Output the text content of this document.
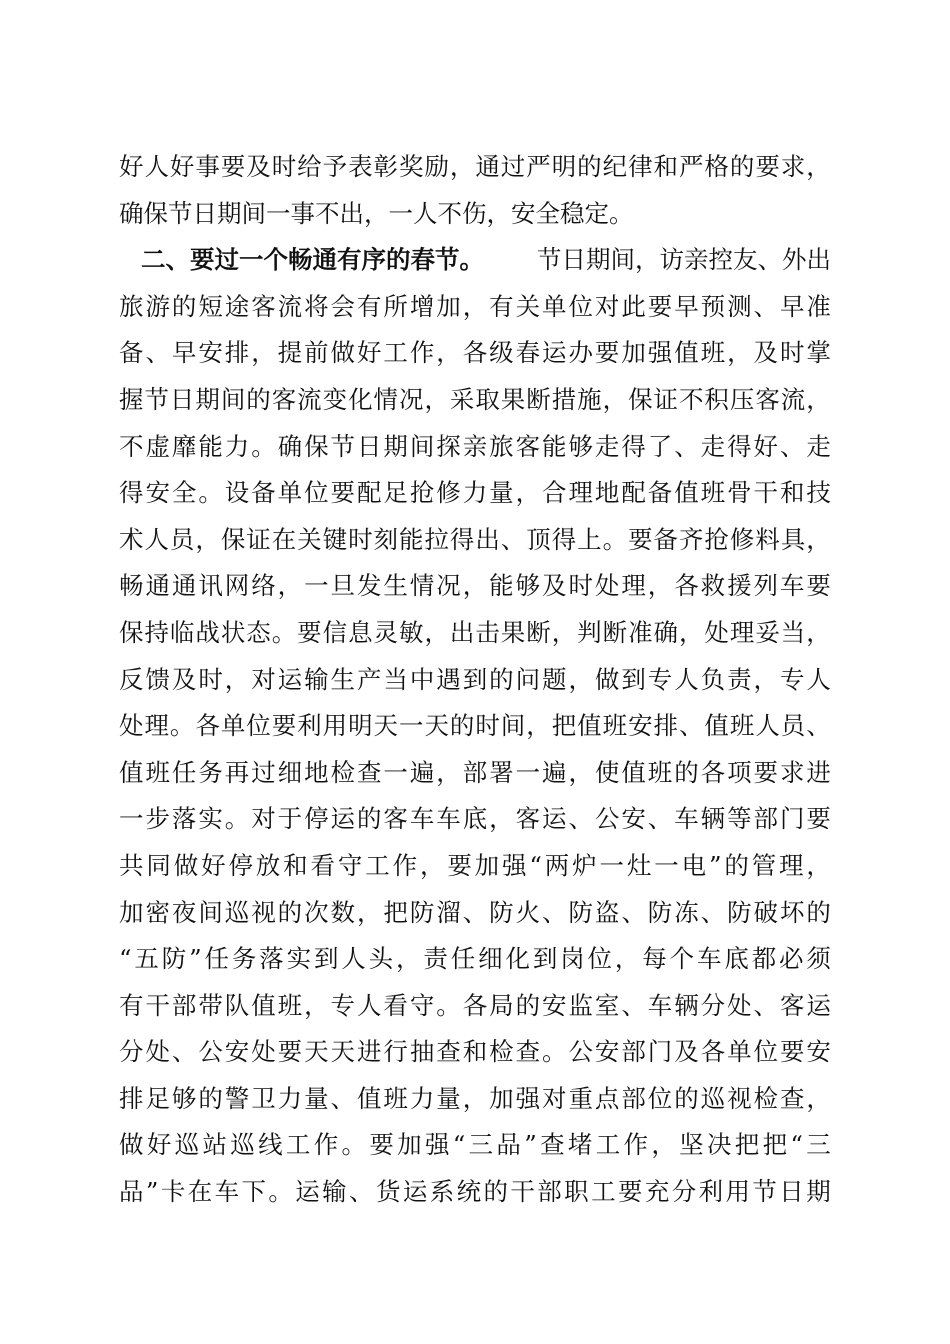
好 人 好 事 要 及 时 给 予 表 彰 奖 励 ， 通 过 严 明 的 纪 律 和 严 格 的 要 求 ，
确 保 节 日 期 间 一 事 不 出 ， 一 人 不 伤 ， 安 全 稳 定 。
二、要过一个畅通有序的春节。 节日期间，访亲控友、外出
旅 游 的 短 途 客 流 将 会 有 所 增 加 ， 有 关 单 位 对 此 要 早 预 测 、 早 准
备 、 早 安 排 ， 提 前 做 好 工 作 ， 各 级 春 运 办 要 加 强 值 班 ， 及 时 掌
握 节 日 期 间 的 客 流 变 化 情 况 ， 采 取 果 断 措 施 ， 保 证 不 积 压 客 流 ，
不 虚 靡 能 力 。 确 保 节 日 期 间 探 亲 旅 客 能 够 走 得 了 、 走 得 好 、 走
得 安 全 。 设 备 单 位 要 配 足 抢 修 力 量 ， 合 理 地 配 备 值 班 骨 干 和 技
术 人 员 ， 保 证 在 关 键 时 刻 能 拉 得 出 、 顶 得 上 。 要 备 齐 抢 修 料 具 ，
畅 通 通 讯 网 络 ， 一 旦 发 生 情 况 ， 能 够 及 时 处 理 ， 各 救 援 列 车 要
保 持 临 战 状 态 。 要 信 息 灵 敏 ， 出 击 果 断 ， 判 断 准 确 ， 处 理 妥 当 ，
反 馈 及 时 ， 对 运 输 生 产 当 中 遇 到 的 问 题 ， 做 到 专 人 负 责 ， 专 人
处 理 。 各 单 位 要 利 用 明 天 一 天 的 时 间 ， 把 值 班 安 排 、 值 班 人 员 、
值 班 任 务 再 过 细 地 检 查 一 遍 ， 部 署 一 遍 ， 使 值 班 的 各 项 要 求 进
一 步 落 实 。 对 于 停 运 的 客 车 车 底 ， 客 运 、 公 安 、 车 辆 等 部 门 要
共 同 做 好 停 放 和 看 守 工 作 ， 要 加 强 “ 两 炉 一 灶 一 电 ” 的 管 理 ，
加 密 夜 间 巡 视 的 次 数 ， 把 防 溜 、 防 火 、 防 盗 、 防 冻 、 防 破 坏 的
“ 五 防 ” 任 务 落 实 到 人 头 ， 责 任 细 化 到 岗 位 ， 每 个 车 底 都 必 须
有 干 部 带 队 值 班 ， 专 人 看 守 。 各 局 的 安 监 室 、 车 辆 分 处 、 客 运
分 处 、 公 安 处 要 天 天 进 行 抽 查 和 检 查 。 公 安 部 门 及 各 单 位 要 安
排 足 够 的 警 卫 力 量 、 值 班 力 量 ， 加 强 对 重 点 部 位 的 巡 视 检 查 ，
做 好 巡 站 巡 线 工 作 。 要 加 强 “ 三 品 ” 查 堵 工 作 ， 坚 决 把 把 “ 三
品 ” 卡 在 车 下 。 运 输 、 货 运 系 统 的 干 部 职 工 要 充 分 利 用 节 日 期
